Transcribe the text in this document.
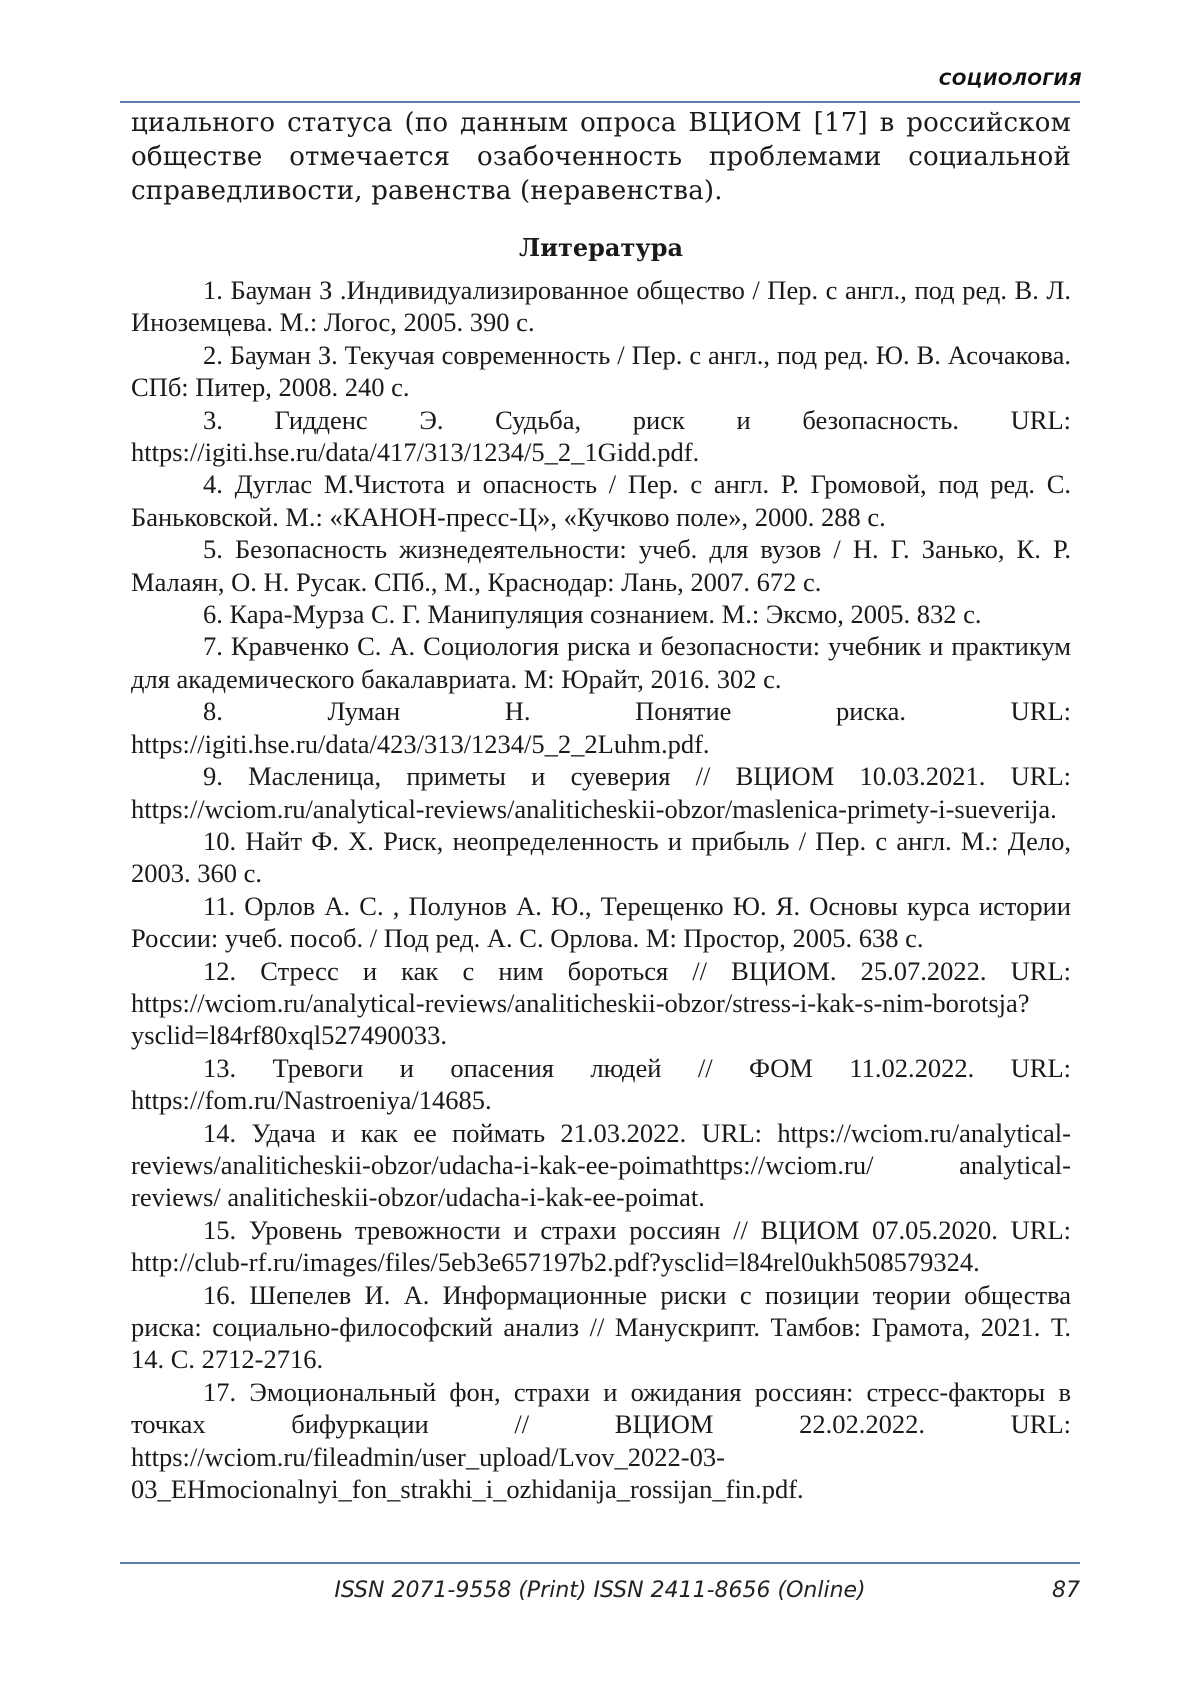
СОЦИОЛОГИЯ

циального статуса (по данным опроса ВЦИОМ [17] в российском обществе отмечается озабоченность проблемами социальной справедливости, равенства (неравенства).

Литература
1. Бауман З .Индивидуализированное общество / Пер. с англ., под ред. В. Л. Иноземцева. М.: Логос, 2005. 390 с.
2. Бауман З. Текучая современность / Пер. с англ., под ред. Ю. В. Асочакова. СПб: Питер, 2008. 240 с.
3. Гидденс Э. Судьба, риск и безопасность. URL: https://igiti.hse.ru/data/417/313/1234/5_2_1Gidd.pdf.
4. Дуглас М.Чистота и опасность / Пер. с англ. Р. Громовой, под ред. С. Баньковской. М.: «КАНОН-пресс-Ц», «Кучково поле», 2000. 288 с.
5. Безопасность жизнедеятельности: учеб. для вузов / Н. Г. Занько, К. Р. Малаян, О. Н. Русак. СПб., М., Краснодар: Лань, 2007. 672 с.
6. Кара-Мурза С. Г. Манипуляция сознанием. М.: Эксмо, 2005. 832 с.
7. Кравченко С. А. Социология риска и безопасности: учебник и практикум для академического бакалавриата. М: Юрайт, 2016. 302 с.
8. Луман Н. Понятие риска. URL: https://igiti.hse.ru/data/423/313/1234/5_2_2Luhm.pdf.
9. Масленица, приметы и суеверия // ВЦИОМ 10.03.2021. URL: https://wciom.ru/analytical-reviews/analiticheskii-obzor/maslenica-primety-i-sueverija.
10. Найт Ф. Х. Риск, неопределенность и прибыль / Пер. с англ. М.: Дело, 2003. 360 с.
11. Орлов А. С. , Полунов А. Ю., Терещенко Ю. Я. Основы курса истории России: учеб. пособ. / Под ред. А. С. Орлова. М: Простор, 2005. 638 с.
12. Стресс и как с ним бороться // ВЦИОМ. 25.07.2022. URL: https://wciom.ru/analytical-reviews/analiticheskii-obzor/stress-i-kak-s-nim-borotsja?ysclid=l84rf80xql527490033.
13. Тревоги и опасения людей // ФОМ 11.02.2022. URL: https://fom.ru/Nastroeniya/14685.
14. Удача и как ее поймать 21.03.2022. URL: https://wciom.ru/analytical-reviews/analiticheskii-obzor/udacha-i-kak-ee-poimathttps://wciom.ru/ analytical-reviews/ analiticheskii-obzor/udacha-i-kak-ee-poimat.
15. Уровень тревожности и страхи россиян // ВЦИОМ 07.05.2020. URL: http://club-rf.ru/images/files/5eb3e657197b2.pdf?ysclid=l84rel0ukh508579324.
16. Шепелев И. А. Информационные риски с позиции теории общества риска: социально-философский анализ // Манускрипт. Тамбов: Грамота, 2021. Т. 14. С. 2712-2716.
17. Эмоциональный фон, страхи и ожидания россиян: стресс-факторы в точках бифуркации // ВЦИОМ 22.02.2022. URL: https://wciom.ru/fileadmin/user_upload/Lvov_2022-03-03_EHmocionalnyi_fon_strakhi_i_ozhidanija_rossijan_fin.pdf.
ISSN 2071-9558 (Print) ISSN 2411-8656 (Online)	87
